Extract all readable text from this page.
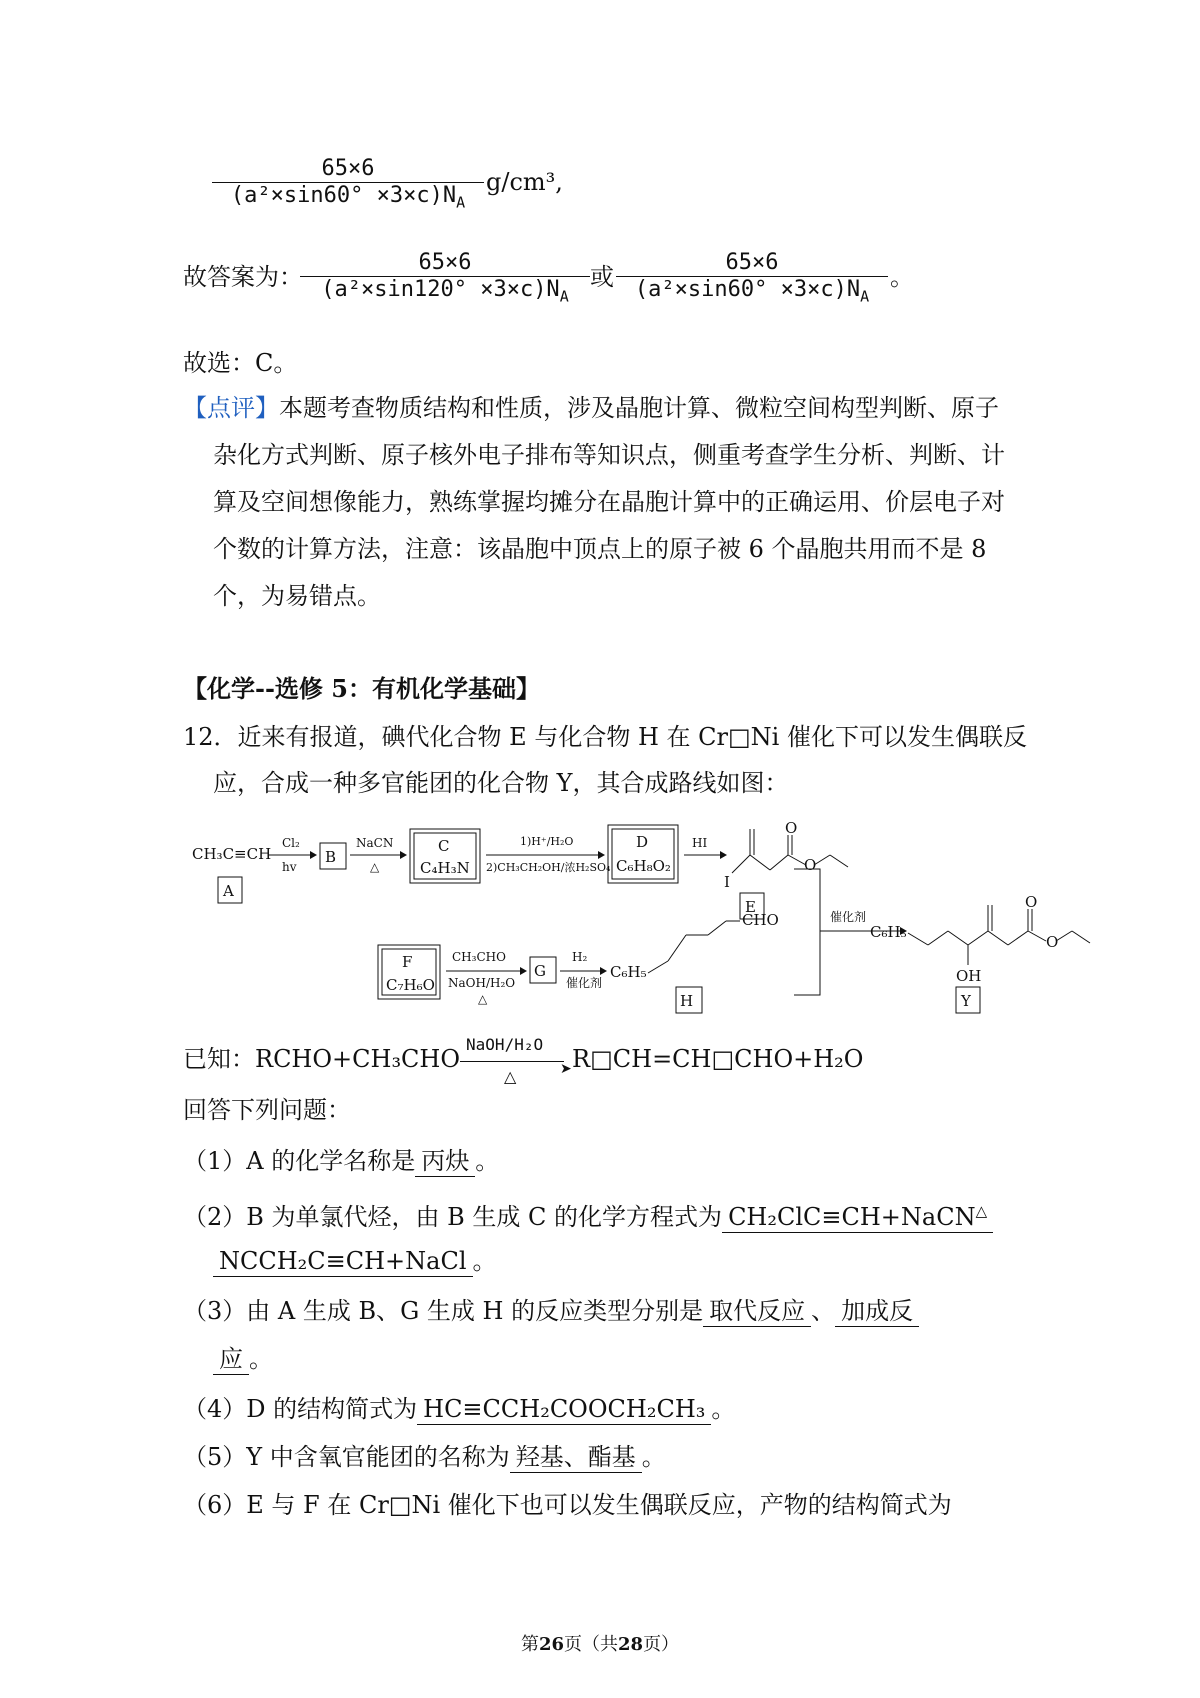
65×6
$(a^2\times\sin 60^\circ \times 3\times c)N_A$
g/cm³,
故答案为：
65×6
$(a^2\times\sin 120^\circ \times 3\times c)N_A$
或
65×6
$(a^2\times\sin 60^\circ \times 3\times c)N_A$
。
故选：C。
【点评】本题考查物质结构和性质，涉及晶胞计算、微粒空间构型判断、原子
杂化方式判断、原子核外电子排布等知识点，侧重考查学生分析、判断、计
算及空间想像能力，熟练掌握均摊分在晶胞计算中的正确运用、价层电子对
个数的计算方法，注意：该晶胞中顶点上的原子被 6 个晶胞共用而不是 8
个，为易错点。
【化学--选修 5：有机化学基础】
12．近来有报道，碘代化合物 E 与化合物 H 在 Cr□Ni 催化下可以发生偶联反
应，合成一种多官能团的化合物 Y，其合成路线如图：
CH₃C≡CH
A
Cl₂
hv
B
NaCN
△
C
C₄H₃N
1)H⁺/H₂O
2)CH₃CH₂OH/浓H₂SO₄
D
C₆H₈O₂
HI
I
O
O
E
催化剂
C₆H₅
O
O
OH
Y
F
C₇H₆O
CH₃CHO
NaOH/H₂O
△
G
H₂
催化剂
C₆H₅
CHO
H
已知：RCHO+CH₃CHO
NaOH/H₂O
➤
△
R□CH=CH□CHO+H₂O
回答下列问题：
（1）A 的化学名称是 丙炔 。
（2）B 为单氯代烃，由 B 生成 C 的化学方程式为 CH₂ClC≡CH+NaCN△
NCCH₂C≡CH+NaCl 。
（3）由 A 生成 B、G 生成 H 的反应类型分别是 取代反应 、 加成反
应 。
（4）D 的结构简式为 HC≡CCH₂COOCH₂CH₃ 。
（5）Y 中含氧官能团的名称为 羟基、酯基 。
（6）E 与 F 在 Cr□Ni 催化下也可以发生偶联反应，产物的结构简式为
第26页（共28页）
